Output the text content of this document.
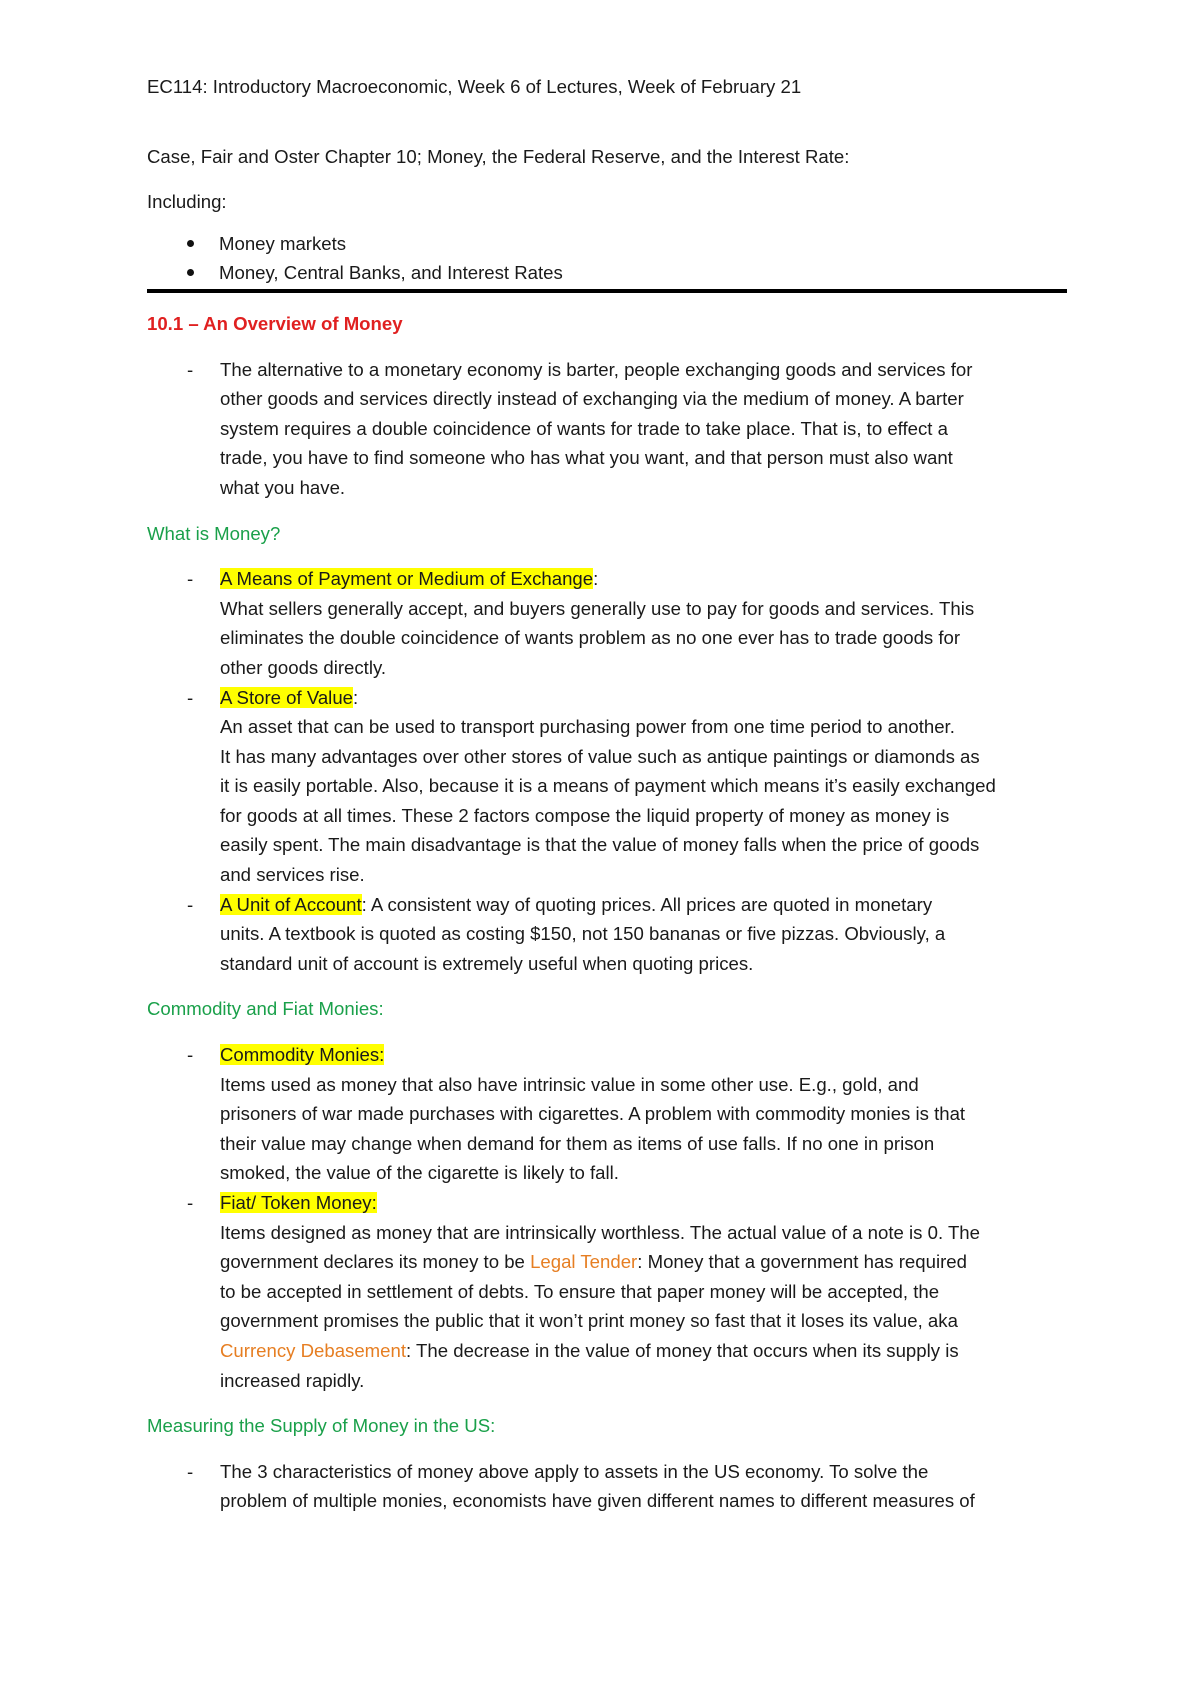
EC114: Introductory Macroeconomic, Week 6 of Lectures, Week of February 21

Case, Fair and Oster Chapter 10; Money, the Federal Reserve, and the Interest Rate:

Including:

Money markets
Money, Central Banks, and Interest Rates

10.1 – An Overview of Money

- The alternative to a monetary economy is barter, people exchanging goods and services for
other goods and services directly instead of exchanging via the medium of money. A barter
system requires a double coincidence of wants for trade to take place. That is, to effect a
trade, you have to find someone who has what you want, and that person must also want
what you have.

What is Money?

- A Means of Payment or Medium of Exchange:
What sellers generally accept, and buyers generally use to pay for goods and services. This
eliminates the double coincidence of wants problem as no one ever has to trade goods for
other goods directly.
- A Store of Value:
An asset that can be used to transport purchasing power from one time period to another.
It has many advantages over other stores of value such as antique paintings or diamonds as
it is easily portable. Also, because it is a means of payment which means it’s easily exchanged
for goods at all times. These 2 factors compose the liquid property of money as money is
easily spent. The main disadvantage is that the value of money falls when the price of goods
and services rise.
- A Unit of Account: A consistent way of quoting prices. All prices are quoted in monetary
units. A textbook is quoted as costing $150, not 150 bananas or five pizzas. Obviously, a
standard unit of account is extremely useful when quoting prices.

Commodity and Fiat Monies:

- Commodity Monies:
Items used as money that also have intrinsic value in some other use. E.g., gold, and
prisoners of war made purchases with cigarettes. A problem with commodity monies is that
their value may change when demand for them as items of use falls. If no one in prison
smoked, the value of the cigarette is likely to fall.
- Fiat/ Token Money:
Items designed as money that are intrinsically worthless. The actual value of a note is 0. The
government declares its money to be Legal Tender: Money that a government has required
to be accepted in settlement of debts. To ensure that paper money will be accepted, the
government promises the public that it won’t print money so fast that it loses its value, aka
Currency Debasement: The decrease in the value of money that occurs when its supply is
increased rapidly.

Measuring the Supply of Money in the US:

- The 3 characteristics of money above apply to assets in the US economy. To solve the
problem of multiple monies, economists have given different names to different measures of
